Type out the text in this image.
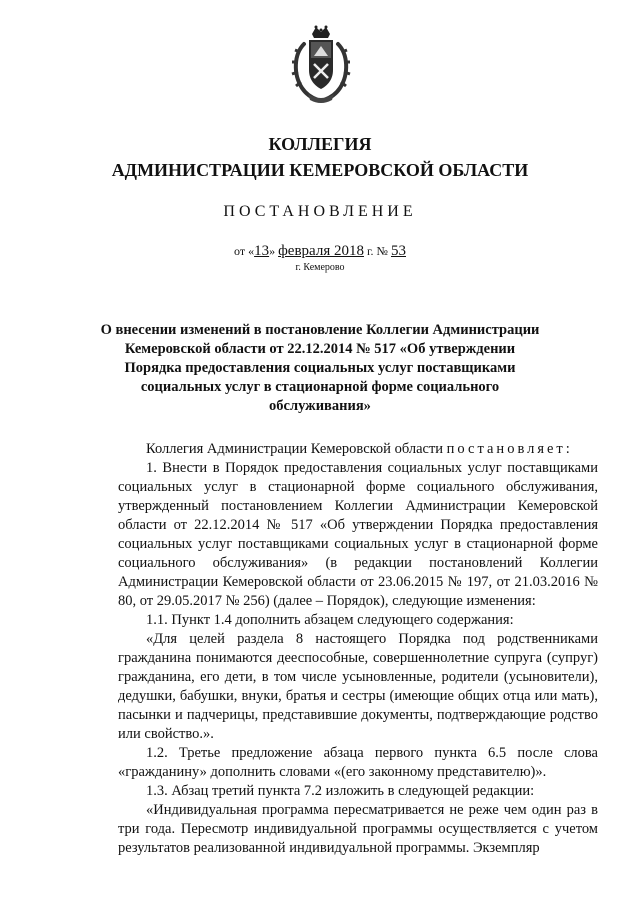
КОЛЛЕГИЯ
АДМИНИСТРАЦИИ КЕМЕРОВСКОЙ ОБЛАСТИ
ПОСТАНОВЛЕНИЕ
от «13» февраля 2018 г. № 53
г. Кемерово
О внесении изменений в постановление Коллегии Администрации Кемеровской области от 22.12.2014 № 517 «Об утверждении Порядка предоставления социальных услуг поставщиками социальных услуг в стационарной форме социального обслуживания»

Коллегия Администрации Кемеровской области постановляет:

1. Внести в Порядок предоставления социальных услуг поставщиками социальных услуг в стационарной форме социального обслуживания, утвержденный постановлением Коллегии Администрации Кемеровской области от 22.12.2014 № 517 «Об утверждении Порядка предоставления социальных услуг поставщиками социальных услуг в стационарной форме социального обслуживания» (в редакции постановлений Коллегии Администрации Кемеровской области от 23.06.2015 № 197, от 21.03.2016 № 80, от 29.05.2017 № 256) (далее – Порядок), следующие изменения:

1.1. Пункт 1.4 дополнить абзацем следующего содержания:

«Для целей раздела 8 настоящего Порядка под родственниками гражданина понимаются дееспособные, совершеннолетние супруга (супруг) гражданина, его дети, в том числе усыновленные, родители (усыновители), дедушки, бабушки, внуки, братья и сестры (имеющие общих отца или мать), пасынки и падчерицы, представившие документы, подтверждающие родство или свойство.».

1.2. Третье предложение абзаца первого пункта 6.5 после слова «гражданину» дополнить словами «(его законному представителю)».

1.3. Абзац третий пункта 7.2 изложить в следующей редакции:

«Индивидуальная программа пересматривается не реже чем один раз в три года. Пересмотр индивидуальной программы осуществляется с учетом результатов реализованной индивидуальной программы. Экземпляр
